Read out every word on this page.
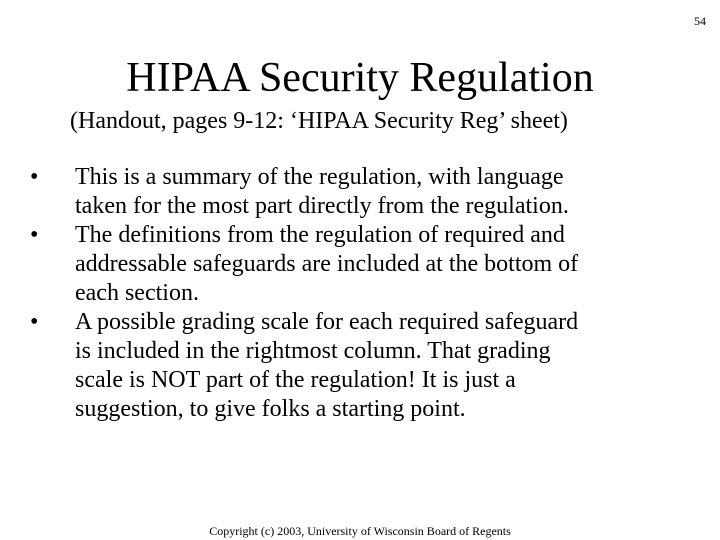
54
HIPAA Security Regulation
(Handout, pages 9-12: ‘HIPAA Security Reg’ sheet)
• This is a summary of the regulation, with language
taken for the most part directly from the regulation.
• The definitions from the regulation of required and
addressable safeguards are included at the bottom of
each section.
• A possible grading scale for each required safeguard
is included in the rightmost column. That grading
scale is NOT part of the regulation! It is just a
suggestion, to give folks a starting point.
Copyright (c) 2003, University of Wisconsin Board of Regents
